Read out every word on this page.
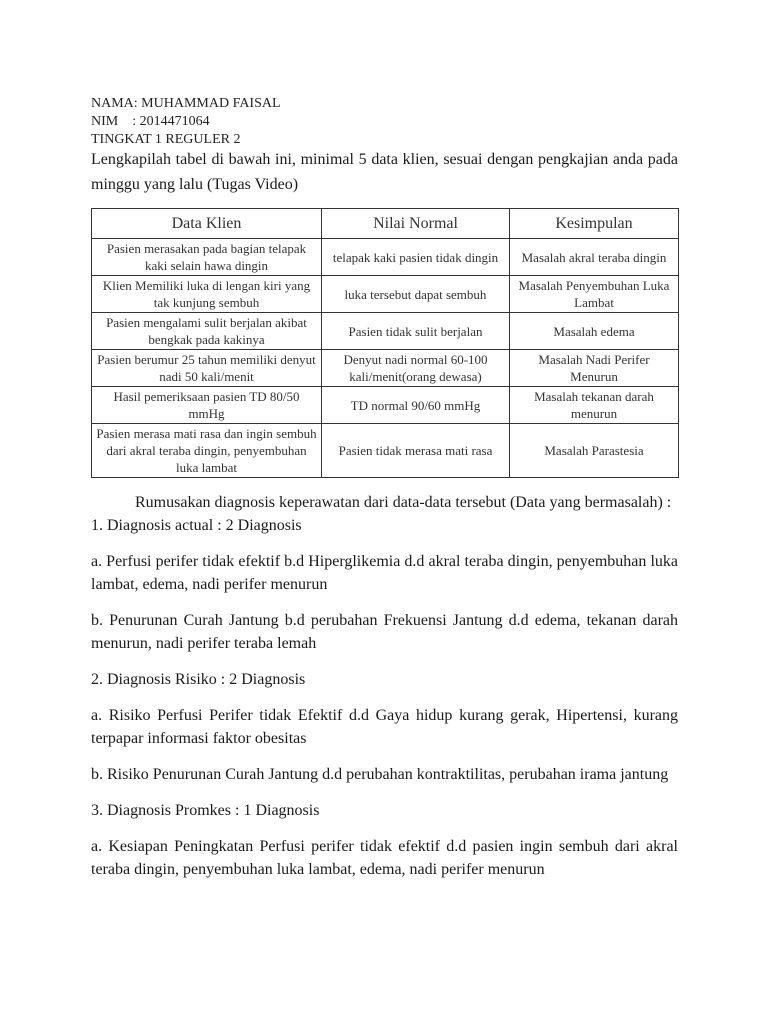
NAMA: MUHAMMAD FAISAL
NIM    : 2014471064
TINGKAT 1 REGULER 2
Lengkapilah tabel di bawah ini, minimal 5 data klien, sesuai dengan pengkajian anda pada minggu yang lalu (Tugas Video)
Data Klien	Nilai Normal	Kesimpulan
Pasien merasakan pada bagian telapak kaki selain hawa dingin	telapak kaki pasien tidak dingin	Masalah akral teraba dingin
Klien Memiliki luka di lengan kiri yang tak kunjung sembuh	luka tersebut dapat sembuh	Masalah Penyembuhan Luka Lambat
Pasien mengalami sulit berjalan akibat bengkak pada kakinya	Pasien tidak sulit berjalan	Masalah edema
Pasien berumur 25 tahun memiliki denyut nadi 50 kali/menit	Denyut nadi normal 60-100 kali/menit(orang dewasa)	Masalah Nadi Perifer Menurun
Hasil pemeriksaan pasien TD 80/50 mmHg	TD normal 90/60 mmHg	Masalah tekanan darah menurun
Pasien merasa mati rasa dan ingin sembuh dari akral teraba dingin, penyembuhan luka lambat	Pasien tidak merasa mati rasa	Masalah Parastesia

Rumusakan diagnosis keperawatan dari data-data tersebut (Data yang bermasalah) :

1. Diagnosis actual : 2 Diagnosis

a. Perfusi perifer tidak efektif b.d Hiperglikemia d.d akral teraba dingin, penyembuhan luka lambat, edema, nadi perifer menurun

b. Penurunan Curah Jantung b.d perubahan Frekuensi Jantung d.d edema, tekanan darah menurun, nadi perifer teraba lemah

2. Diagnosis Risiko : 2 Diagnosis

a. Risiko Perfusi Perifer tidak Efektif d.d Gaya hidup kurang gerak, Hipertensi, kurang terpapar informasi faktor obesitas

b. Risiko Penurunan Curah Jantung d.d perubahan kontraktilitas, perubahan irama jantung

3. Diagnosis Promkes : 1 Diagnosis

a. Kesiapan Peningkatan Perfusi perifer tidak efektif d.d pasien ingin sembuh dari akral teraba dingin, penyembuhan luka lambat, edema, nadi perifer menurun
